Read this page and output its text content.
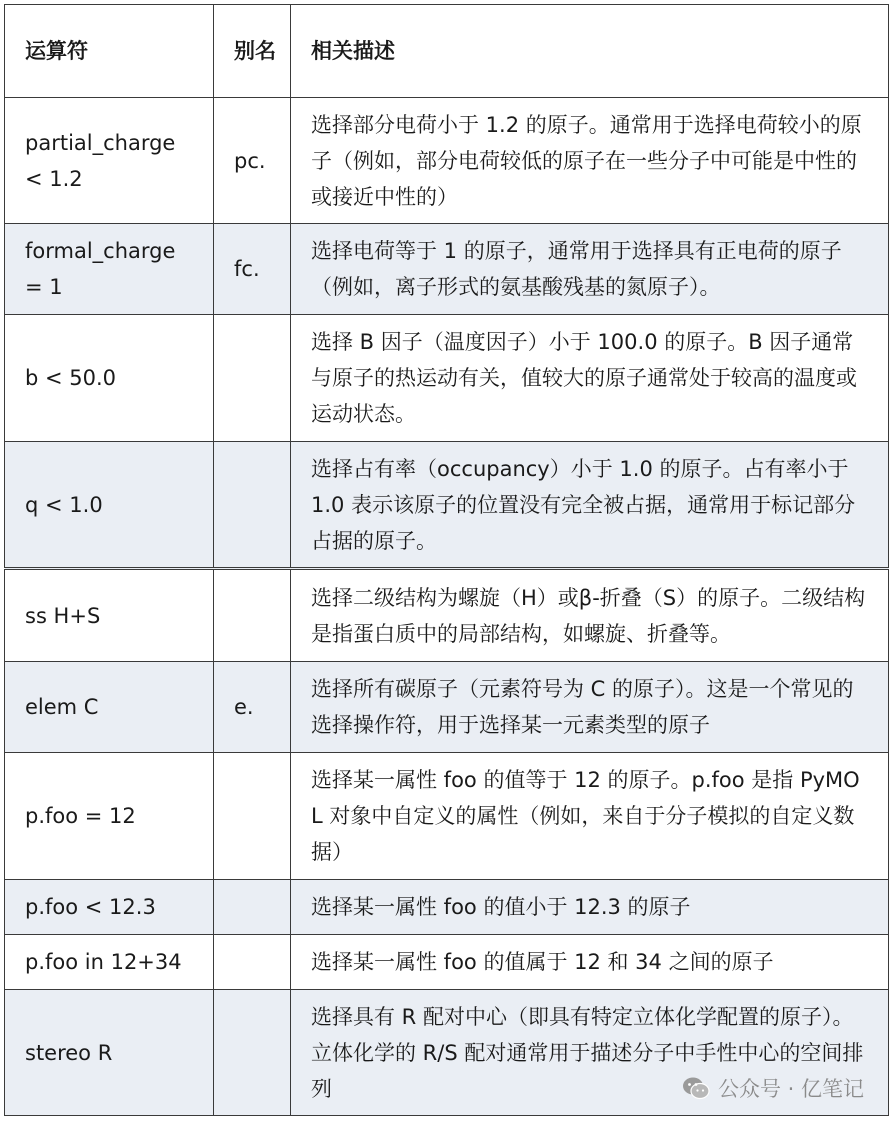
运算符	别名	相关描述
partial_charge < 1.2	pc.	选择部分电荷小于 1.2 的原子。通常用于选择电荷较小的原子（例如，部分电荷较低的原子在一些分子中可能是中性的或接近中性的）
formal_charge = 1	fc.	选择电荷等于 1 的原子，通常用于选择具有正电荷的原子（例如，离子形式的氨基酸残基的氮原子）。
b < 50.0		选择 B 因子（温度因子）小于 100.0 的原子。B 因子通常与原子的热运动有关，值较大的原子通常处于较高的温度或运动状态。
q < 1.0		选择占有率（occupancy）小于 1.0 的原子。占有率小于 1.0 表示该原子的位置没有完全被占据，通常用于标记部分占据的原子。
ss H+S		选择二级结构为螺旋（H）或β-折叠（S）的原子。二级结构是指蛋白质中的局部结构，如螺旋、折叠等。
elem C	e.	选择所有碳原子（元素符号为 C 的原子）。这是一个常见的选择操作符，用于选择某一元素类型的原子
p.foo = 12		选择某一属性 foo 的值等于 12 的原子。p.foo 是指 PyMOL 对象中自定义的属性（例如，来自于分子模拟的自定义数据）
p.foo < 12.3		选择某一属性 foo 的值小于 12.3 的原子
p.foo in 12+34		选择某一属性 foo 的值属于 12 和 34 之间的原子
stereo R		选择具有 R 配对中心（即具有特定立体化学配置的原子）。立体化学的 R/S 配对通常用于描述分子中手性中心的空间排列	公众号 · 亿笔记
